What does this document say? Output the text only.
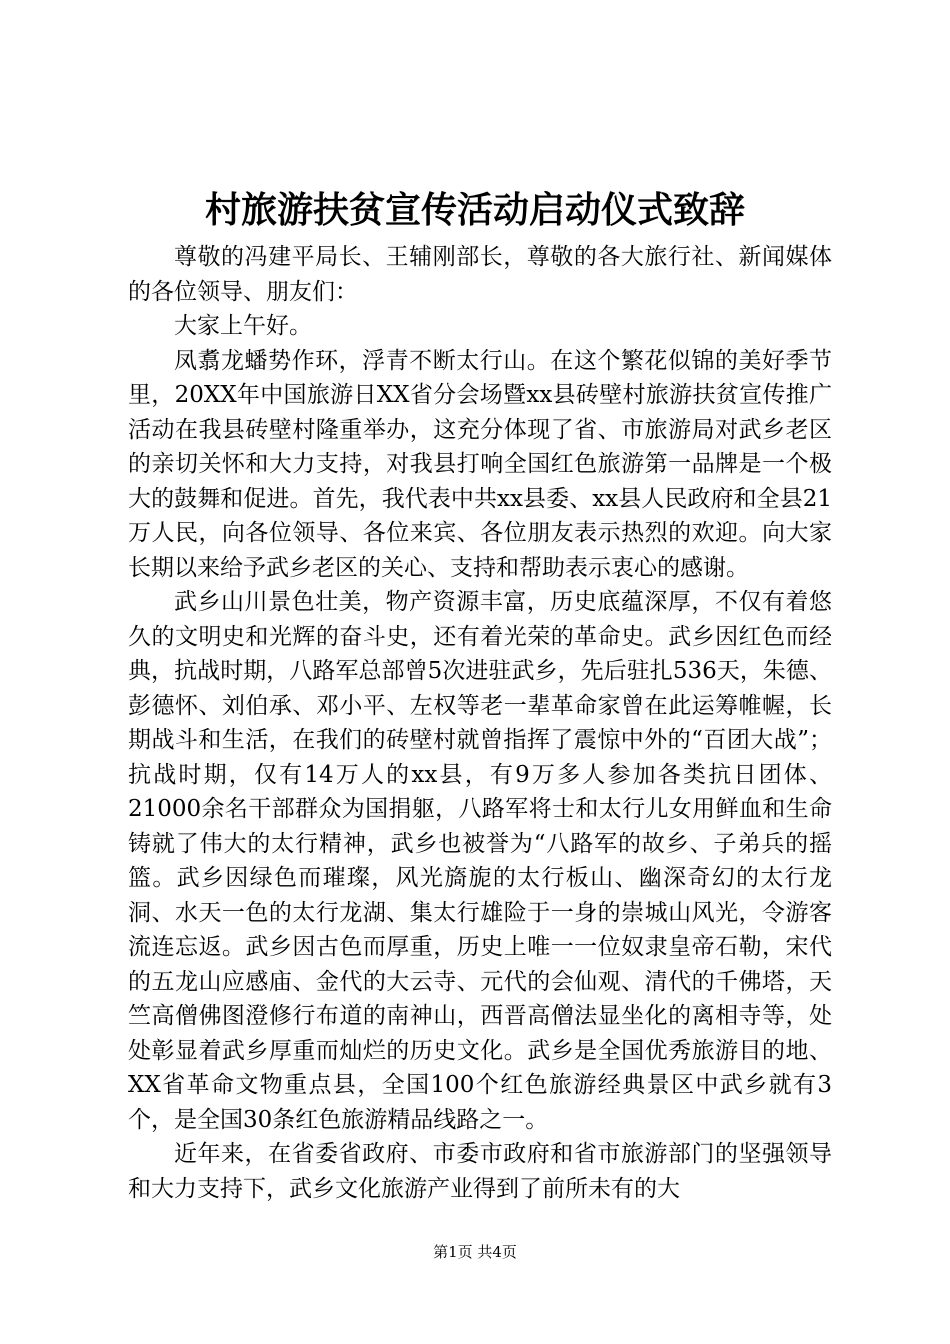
村旅游扶贫宣传活动启动仪式致辞

尊敬的冯建平局长、王辅刚部长，尊敬的各大旅行社、新闻媒体的各位领导、朋友们：

大家上午好。

凤翥龙蟠势作环，浮青不断太行山。在这个繁花似锦的美好季节里，20XX年中国旅游日XX省分会场暨xx县砖壁村旅游扶贫宣传推广活动在我县砖壁村隆重举办，这充分体现了省、市旅游局对武乡老区的亲切关怀和大力支持，对我县打响全国红色旅游第一品牌是一个极大的鼓舞和促进。首先，我代表中共xx县委、xx县人民政府和全县21万人民，向各位领导、各位来宾、各位朋友表示热烈的欢迎。向大家长期以来给予武乡老区的关心、支持和帮助表示衷心的感谢。

武乡山川景色壮美，物产资源丰富，历史底蕴深厚，不仅有着悠久的文明史和光辉的奋斗史，还有着光荣的革命史。武乡因红色而经典，抗战时期，八路军总部曾5次进驻武乡，先后驻扎536天，朱德、彭德怀、刘伯承、邓小平、左权等老一辈革命家曾在此运筹帷幄，长期战斗和生活，在我们的砖壁村就曾指挥了震惊中外的“百团大战”；抗战时期，仅有14万人的xx县，有9万多人参加各类抗日团体、21000余名干部群众为国捐躯，八路军将士和太行儿女用鲜血和生命铸就了伟大的太行精神，武乡也被誉为“八路军的故乡、子弟兵的摇篮。武乡因绿色而璀璨，风光旖旎的太行板山、幽深奇幻的太行龙洞、水天一色的太行龙湖、集太行雄险于一身的崇城山风光，令游客流连忘返。武乡因古色而厚重，历史上唯一一位奴隶皇帝石勒，宋代的五龙山应感庙、金代的大云寺、元代的会仙观、清代的千佛塔，天竺高僧佛图澄修行布道的南神山，西晋高僧法显坐化的离相寺等，处处彰显着武乡厚重而灿烂的历史文化。武乡是全国优秀旅游目的地、XX省革命文物重点县，全国100个红色旅游经典景区中武乡就有3个，是全国30条红色旅游精品线路之一。

近年来，在省委省政府、市委市政府和省市旅游部门的坚强领导和大力支持下，武乡文化旅游产业得到了前所未有的大

第1页 共4页
